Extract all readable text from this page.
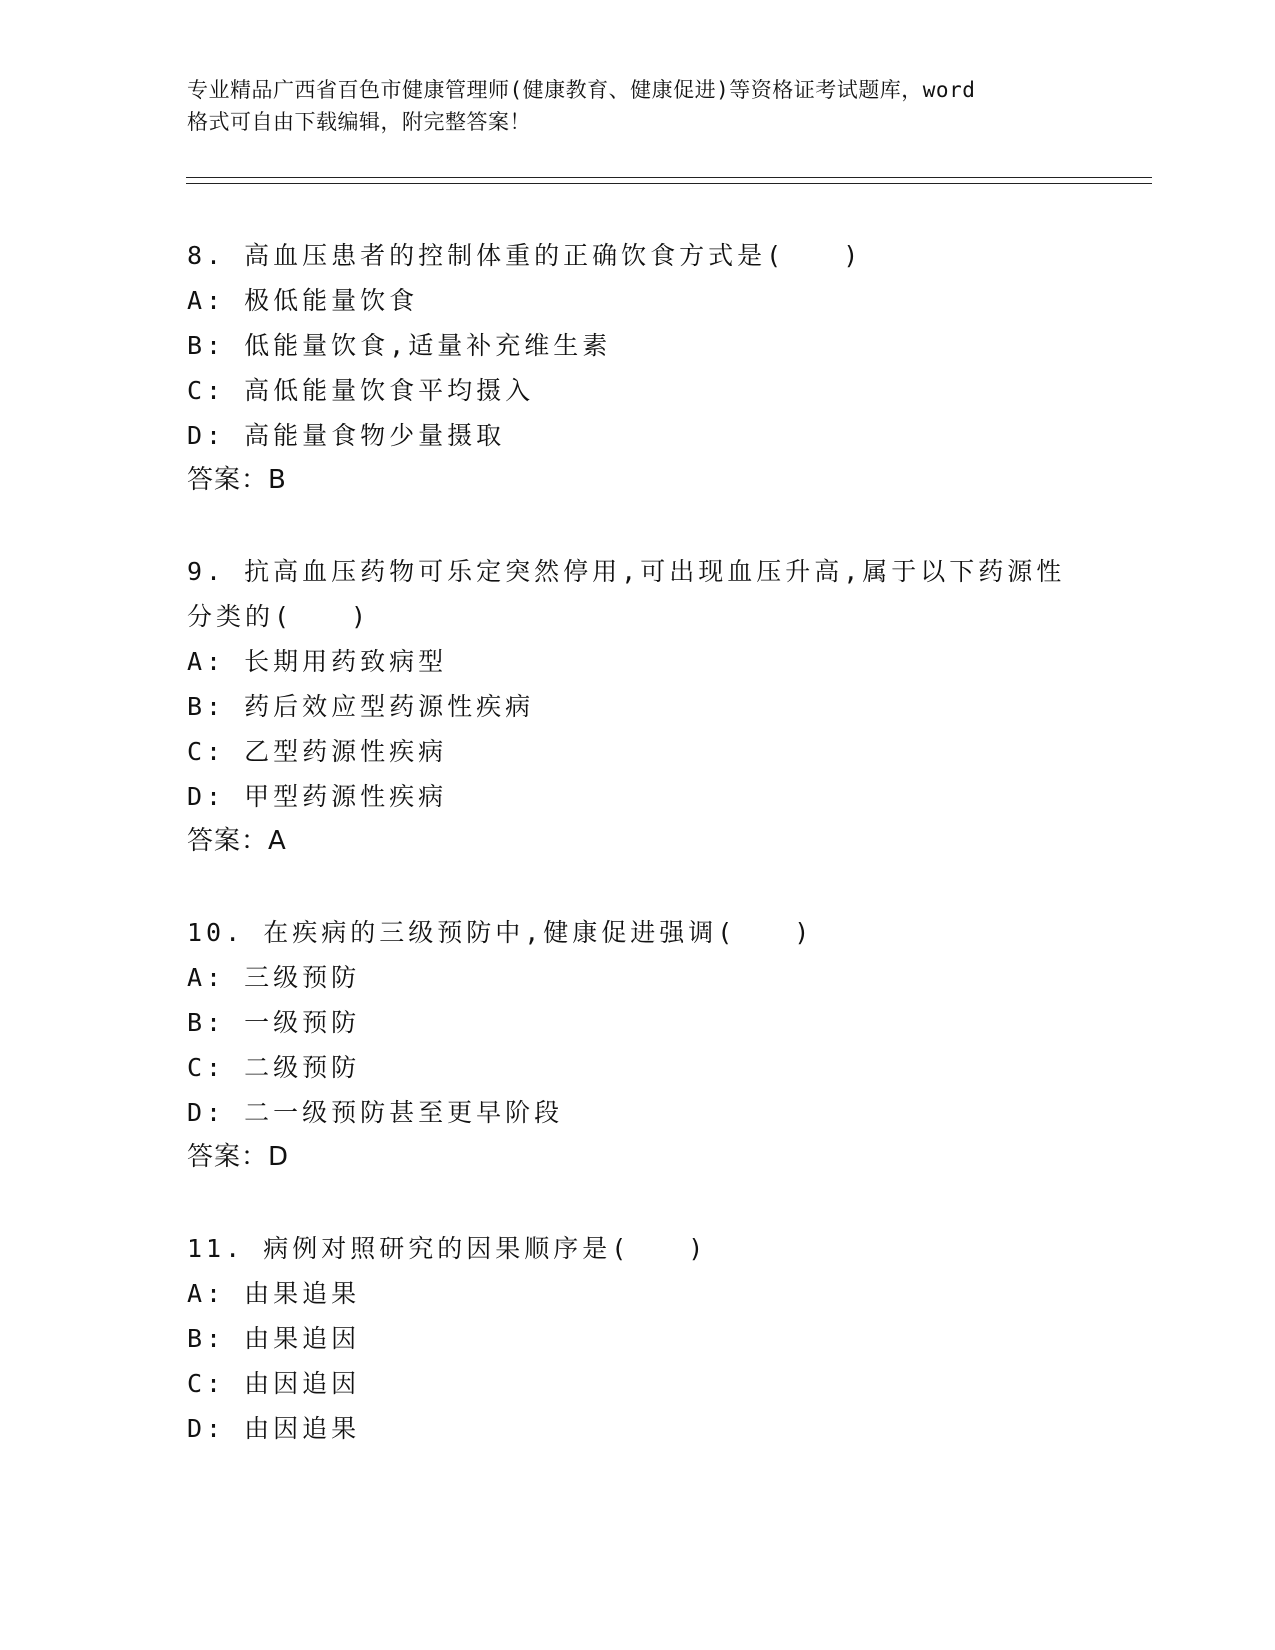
专业精品广西省百色市健康管理师(健康教育、健康促进)等资格证考试题库，word
格式可自由下载编辑，附完整答案！
8. 高血压患者的控制体重的正确饮食方式是(　　)
A: 极低能量饮食
B: 低能量饮食,适量补充维生素
C: 高低能量饮食平均摄入
D: 高能量食物少量摄取
答案：B
9. 抗高血压药物可乐定突然停用,可出现血压升高,属于以下药源性分类的(　　)
A: 长期用药致病型
B: 药后效应型药源性疾病
C: 乙型药源性疾病
D: 甲型药源性疾病
答案：A
10. 在疾病的三级预防中,健康促进强调(　　)
A: 三级预防
B: 一级预防
C: 二级预防
D: 二一级预防甚至更早阶段
答案：D
11. 病例对照研究的因果顺序是(　　)
A: 由果追果
B: 由果追因
C: 由因追因
D: 由因追果
